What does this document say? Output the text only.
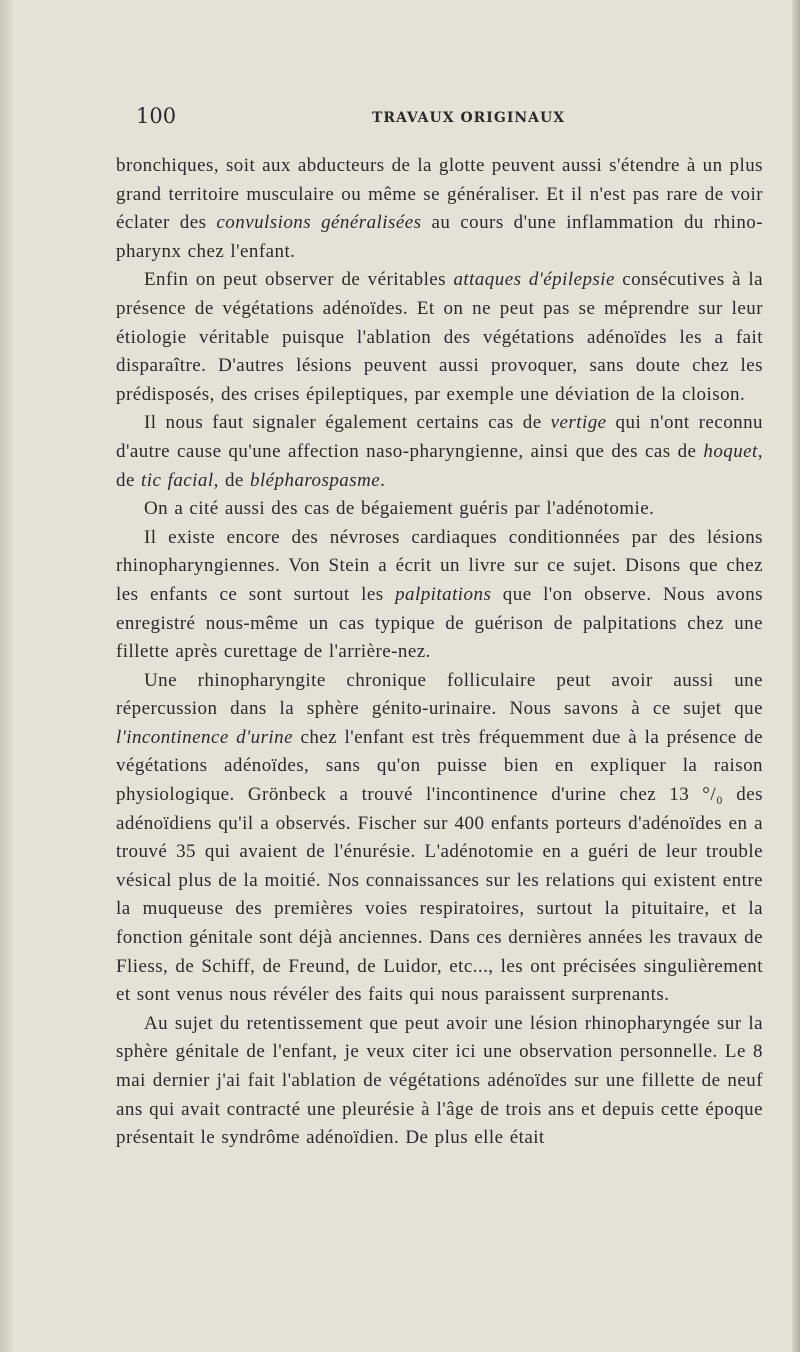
100	TRAVAUX ORIGINAUX

bronchiques, soit aux abducteurs de la glotte peuvent aussi s'étendre à un plus grand territoire musculaire ou même se généraliser. Et il n'est pas rare de voir éclater des convulsions généralisées au cours d'une inflammation du rhino-pharynx chez l'enfant.

Enfin on peut observer de véritables attaques d'épilepsie consécutives à la présence de végétations adénoïdes. Et on ne peut pas se méprendre sur leur étiologie véritable puisque l'ablation des végétations adénoïdes les a fait disparaître. D'autres lésions peuvent aussi provoquer, sans doute chez les prédisposés, des crises épileptiques, par exemple une déviation de la cloison.

Il nous faut signaler également certains cas de vertige qui n'ont reconnu d'autre cause qu'une affection naso-pharyngienne, ainsi que des cas de hoquet, de tic facial, de blépharospasme.

On a cité aussi des cas de bégaiement guéris par l'adénotomie.

Il existe encore des névroses cardiaques conditionnées par des lésions rhinopharyngiennes. Von Stein a écrit un livre sur ce sujet. Disons que chez les enfants ce sont surtout les palpitations que l'on observe. Nous avons enregistré nous-même un cas typique de guérison de palpitations chez une fillette après curettage de l'arrière-nez.

Une rhinopharyngite chronique folliculaire peut avoir aussi une répercussion dans la sphère génito-urinaire. Nous savons à ce sujet que l'incontinence d'urine chez l'enfant est très fréquemment due à la présence de végétations adénoïdes, sans qu'on puisse bien en expliquer la raison physiologique. Grönbeck a trouvé l'incontinence d'urine chez 13 °/₀ des adénoïdiens qu'il a observés. Fischer sur 400 enfants porteurs d'adénoïdes en a trouvé 35 qui avaient de l'énurésie. L'adénotomie en a guéri de leur trouble vésical plus de la moitié. Nos connaissances sur les relations qui existent entre la muqueuse des premières voies respiratoires, surtout la pituitaire, et la fonction génitale sont déjà anciennes. Dans ces dernières années les travaux de Fliess, de Schiff, de Freund, de Luidor, etc..., les ont précisées singulièrement et sont venus nous révéler des faits qui nous paraissent surprenants.

Au sujet du retentissement que peut avoir une lésion rhinopharyngée sur la sphère génitale de l'enfant, je veux citer ici une observation personnelle. Le 8 mai dernier j'ai fait l'ablation de végétations adénoïdes sur une fillette de neuf ans qui avait contracté une pleurésie à l'âge de trois ans et depuis cette époque présentait le syndrôme adénoïdien. De plus elle était
